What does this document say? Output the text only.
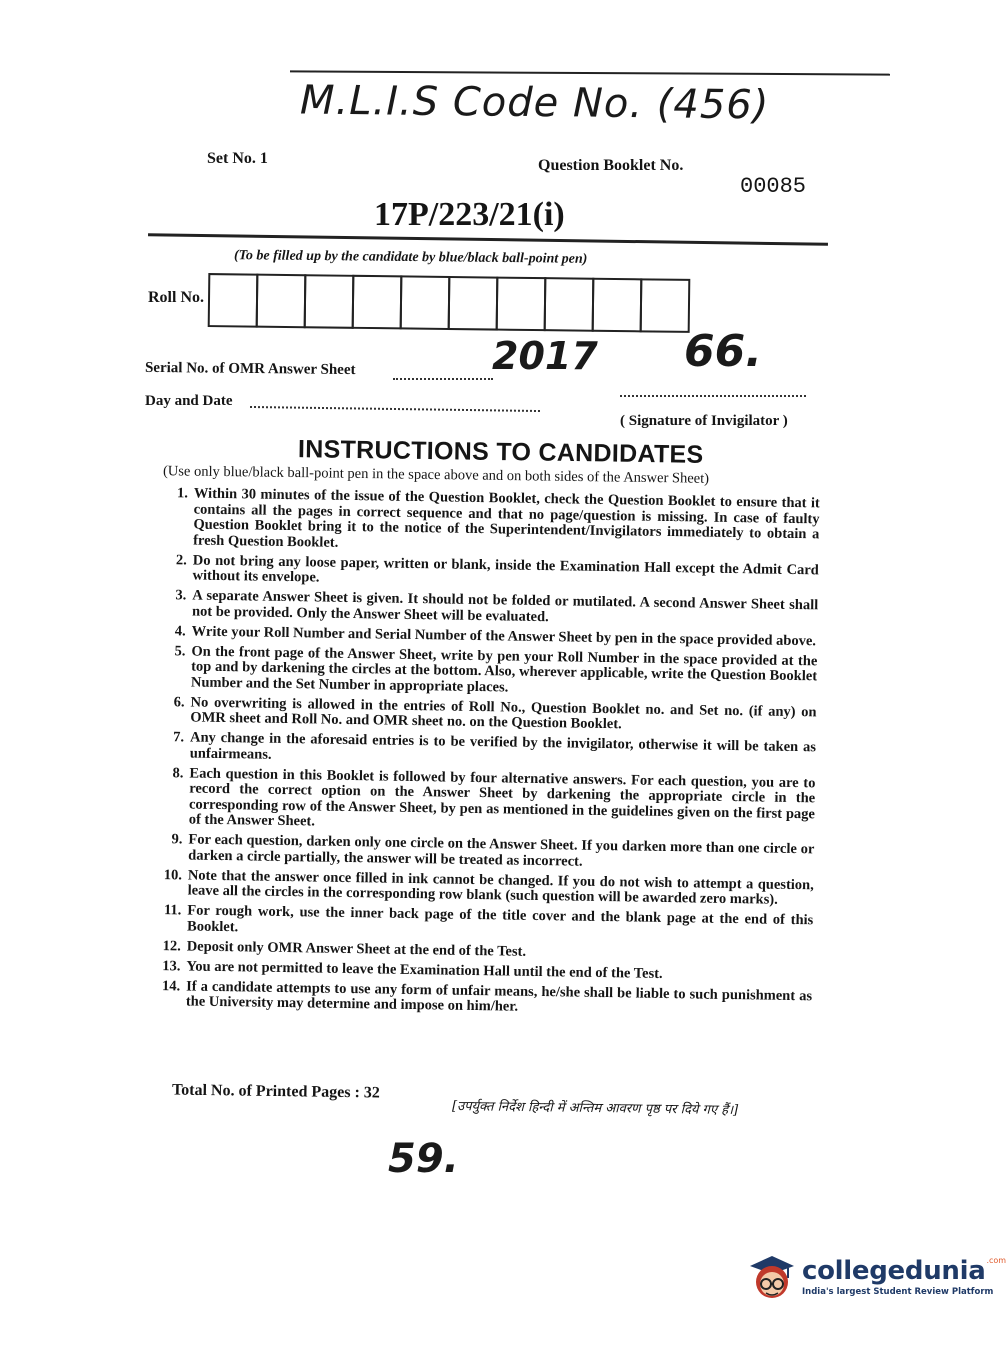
M.L.I.S Code No. (456)
Set No. 1	Question Booklet No.
00085
17P/223/21(i)
(To be filled up by the candidate by blue/black ball-point pen)
Roll No.
Serial No. of OMR Answer Sheet	2017 66.
Day and Date
( Signature of Invigilator )
INSTRUCTIONS TO CANDIDATES
(Use only blue/black ball-point pen in the space above and on both sides of the Answer Sheet)
1. Within 30 minutes of the issue of the Question Booklet, check the Question Booklet to ensure that it contains all the pages in correct sequence and that no page/question is missing. In case of faulty Question Booklet bring it to the notice of the Superintendent/Invigilators immediately to obtain a fresh Question Booklet.
2. Do not bring any loose paper, written or blank, inside the Examination Hall except the Admit Card without its envelope.
3. A separate Answer Sheet is given. It should not be folded or mutilated. A second Answer Sheet shall not be provided. Only the Answer Sheet will be evaluated.
4. Write your Roll Number and Serial Number of the Answer Sheet by pen in the space provided above.
5. On the front page of the Answer Sheet, write by pen your Roll Number in the space provided at the top and by darkening the circles at the bottom. Also, wherever applicable, write the Question Booklet Number and the Set Number in appropriate places.
6. No overwriting is allowed in the entries of Roll No., Question Booklet no. and Set no. (if any) on OMR sheet and Roll No. and OMR sheet no. on the Question Booklet.
7. Any change in the aforesaid entries is to be verified by the invigilator, otherwise it will be taken as unfairmeans.
8. Each question in this Booklet is followed by four alternative answers. For each question, you are to record the correct option on the Answer Sheet by darkening the appropriate circle in the corresponding row of the Answer Sheet, by pen as mentioned in the guidelines given on the first page of the Answer Sheet.
9. For each question, darken only one circle on the Answer Sheet. If you darken more than one circle or darken a circle partially, the answer will be treated as incorrect.
10. Note that the answer once filled in ink cannot be changed. If you do not wish to attempt a question, leave all the circles in the corresponding row blank (such question will be awarded zero marks).
11. For rough work, use the inner back page of the title cover and the blank page at the end of this Booklet.
12. Deposit only OMR Answer Sheet at the end of the Test.
13. You are not permitted to leave the Examination Hall until the end of the Test.
14. If a candidate attempts to use any form of unfair means, he/she shall be liable to such punishment as the University may determine and impose on him/her.
Total No. of Printed Pages : 32
[उपर्युक्त निर्देश हिन्दी में अन्तिम आवरण पृष्ठ पर दिये गए हैं।]
59.
collegedunia$^{.com}$
India's largest Student Review Platform
